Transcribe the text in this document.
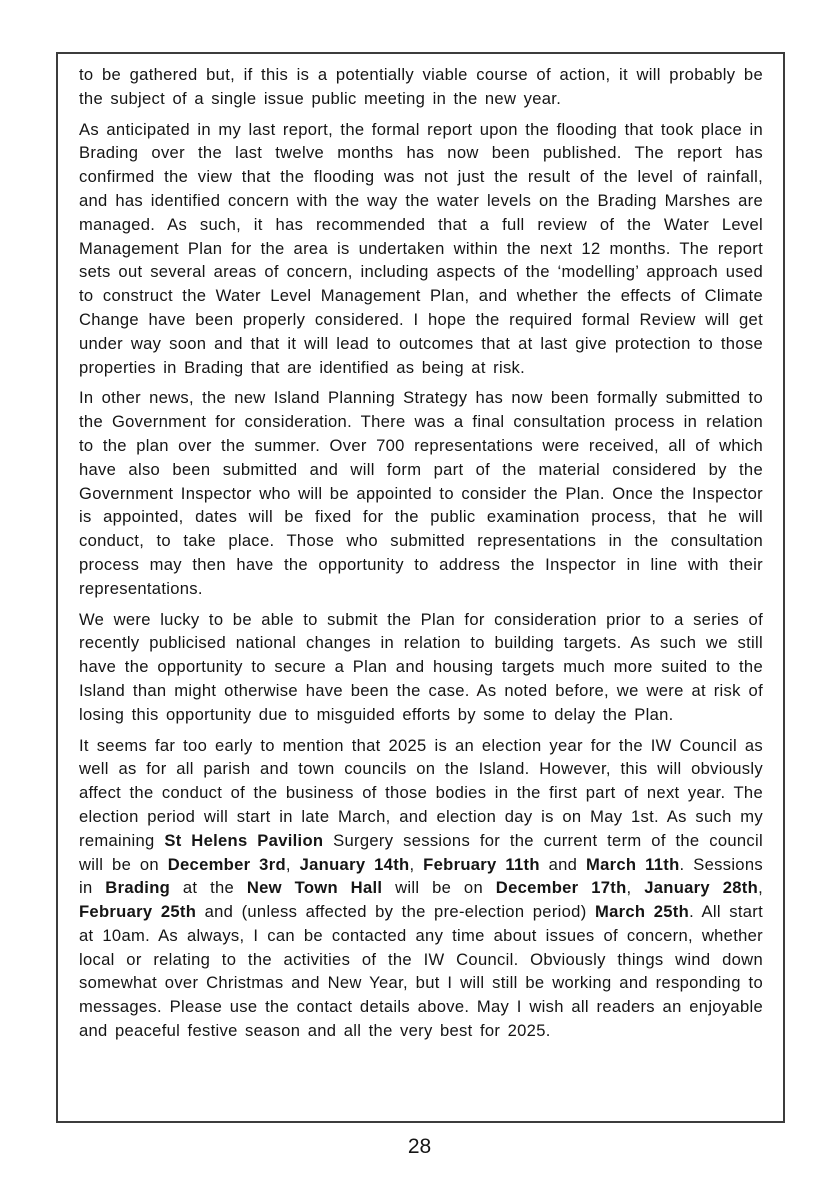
to be gathered but, if this is a potentially viable course of action, it will probably be the subject of a single issue public meeting in the new year.

As anticipated in my last report, the formal report upon the flooding that took place in Brading over the last twelve months has now been published. The report has confirmed the view that the flooding was not just the result of the level of rainfall, and has identified concern with the way the water levels on the Brading Marshes are managed. As such, it has recommended that a full review of the Water Level Management Plan for the area is undertaken within the next 12 months. The report sets out several areas of concern, including aspects of the ‘modelling’ approach used to construct the Water Level Management Plan, and whether the effects of Climate Change have been properly considered. I hope the required formal Review will get under way soon and that it will lead to outcomes that at last give protection to those properties in Brading that are identified as being at risk.

In other news, the new Island Planning Strategy has now been formally submitted to the Government for consideration. There was a final consultation process in relation to the plan over the summer. Over 700 representations were received, all of which have also been submitted and will form part of the material considered by the Government Inspector who will be appointed to consider the Plan. Once the Inspector is appointed, dates will be fixed for the public examination process, that he will conduct, to take place. Those who submitted representations in the consultation process may then have the opportunity to address the Inspector in line with their representations.

We were lucky to be able to submit the Plan for consideration prior to a series of recently publicised national changes in relation to building targets. As such we still have the opportunity to secure a Plan and housing targets much more suited to the Island than might otherwise have been the case. As noted before, we were at risk of losing this opportunity due to misguided efforts by some to delay the Plan.

It seems far too early to mention that 2025 is an election year for the IW Council as well as for all parish and town councils on the Island. However, this will obviously affect the conduct of the business of those bodies in the first part of next year. The election period will start in late March, and election day is on May 1st. As such my remaining St Helens Pavilion Surgery sessions for the current term of the council will be on December 3rd, January 14th, February 11th and March 11th. Sessions in Brading at the New Town Hall will be on December 17th, January 28th, February 25th and (unless affected by the pre-election period) March 25th. All start at 10am. As always, I can be contacted any time about issues of concern, whether local or relating to the activities of the IW Council. Obviously things wind down somewhat over Christmas and New Year, but I will still be working and responding to messages. Please use the contact details above. May I wish all readers an enjoyable and peaceful festive season and all the very best for 2025.

28
